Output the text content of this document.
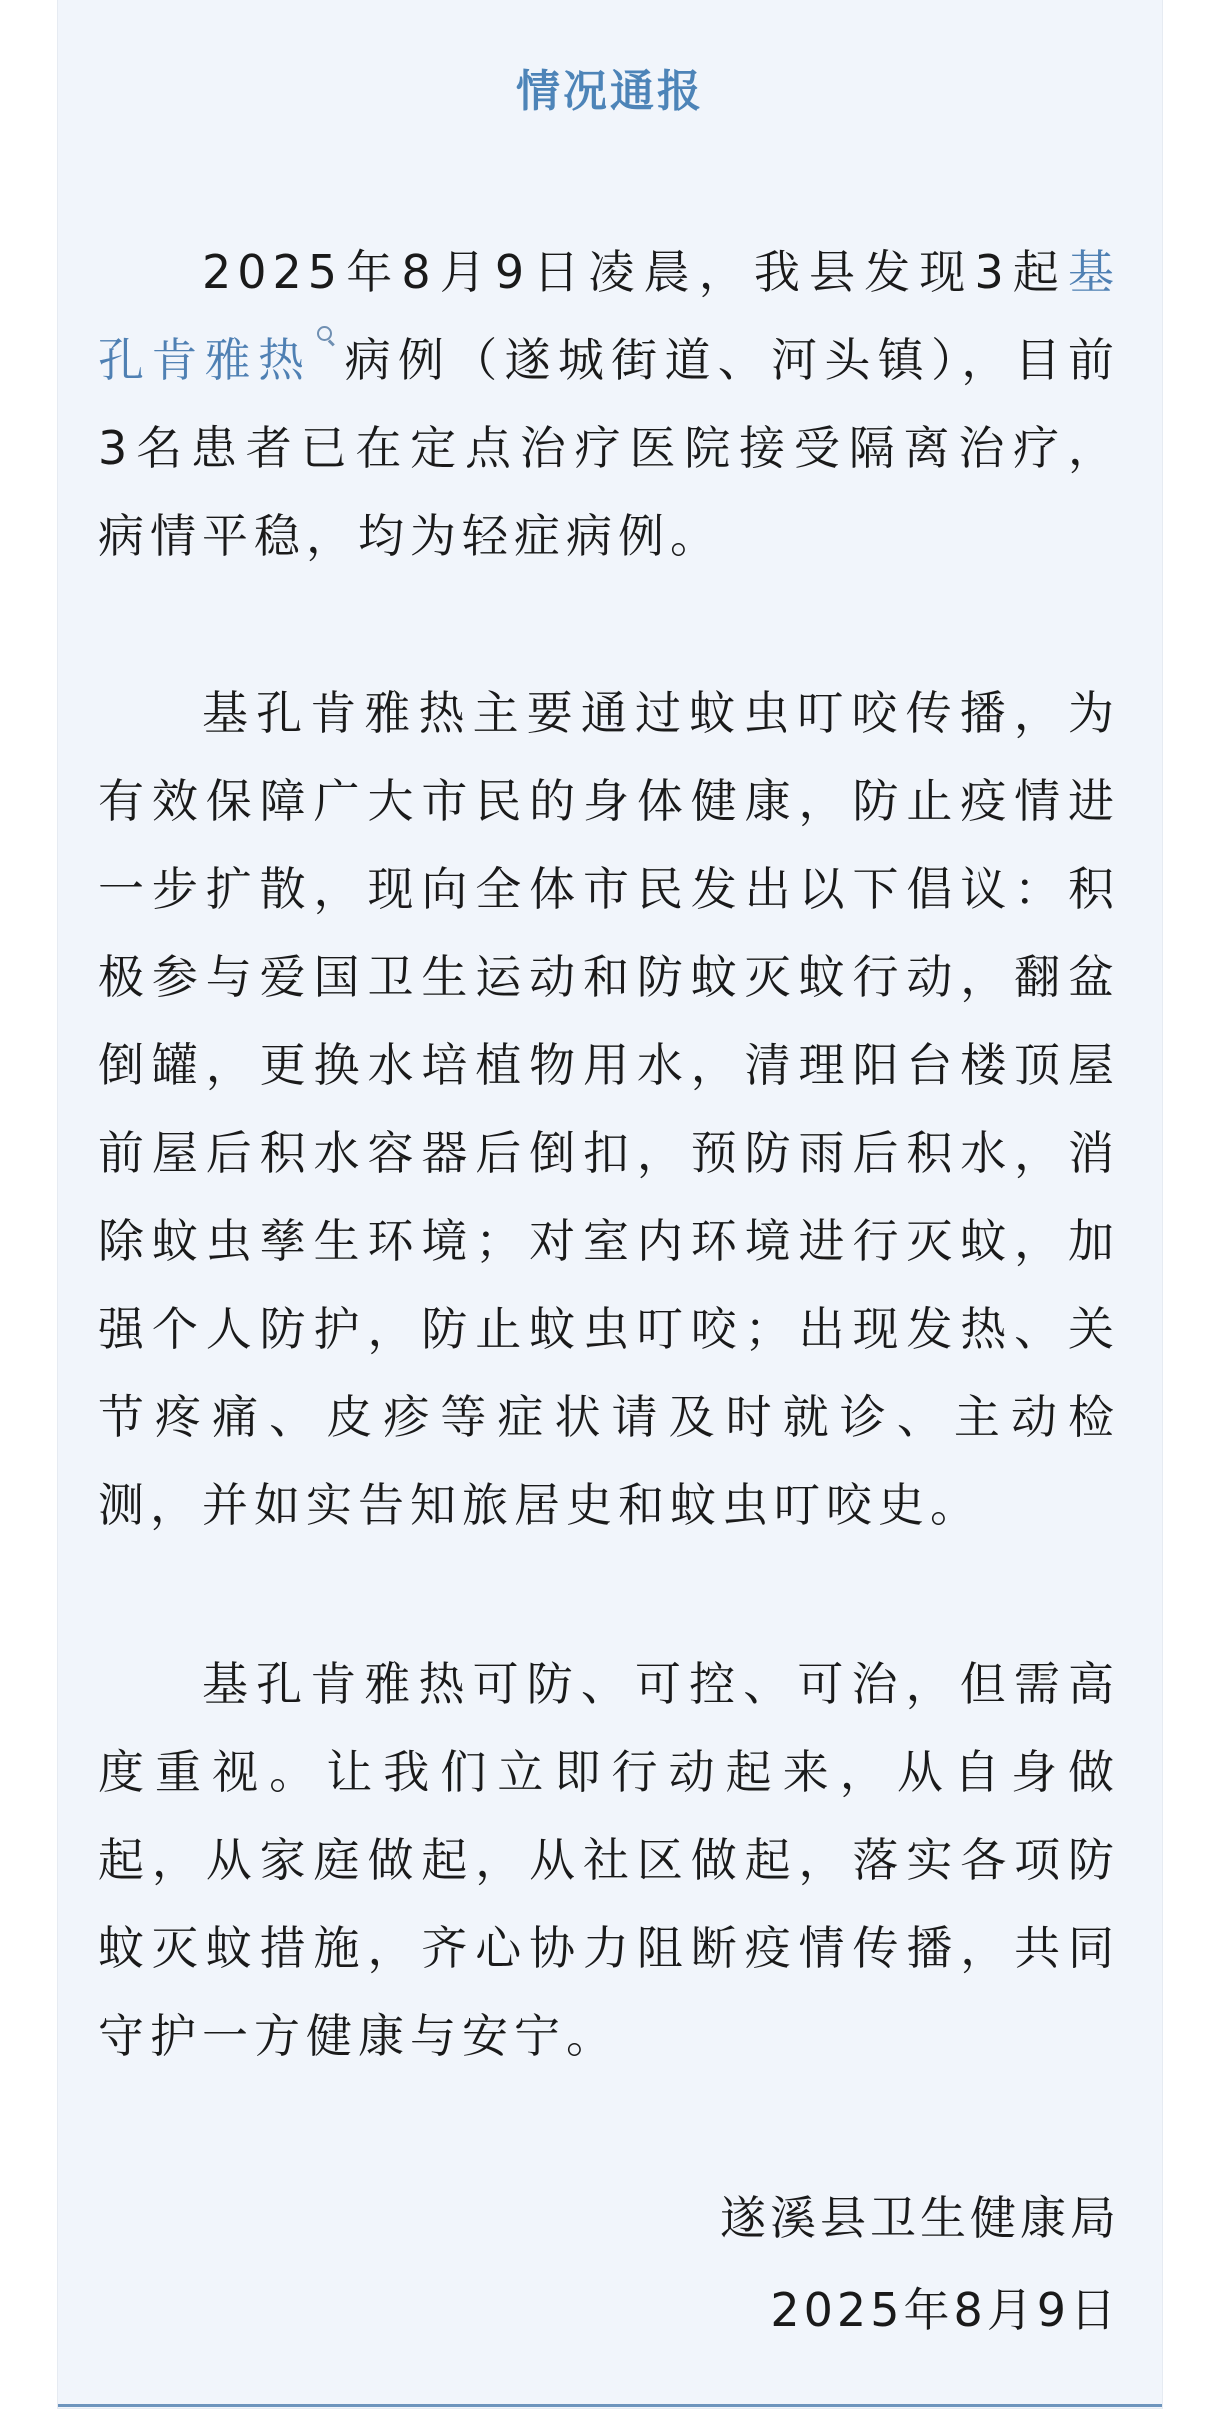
情况通报

2025年8月9日凌晨，我县发现3起基孔肯雅热 病例（遂城街道、河头镇），目前3名患者已在定点治疗医院接受隔离治疗，病情平稳，均为轻症病例。

基孔肯雅热主要通过蚊虫叮咬传播，为有效保障广大市民的身体健康，防止疫情进一步扩散，现向全体市民发出以下倡议：积极参与爱国卫生运动和防蚊灭蚊行动，翻盆倒罐，更换水培植物用水，清理阳台楼顶屋前屋后积水容器后倒扣，预防雨后积水，消除蚊虫孳生环境；对室内环境进行灭蚊，加强个人防护，防止蚊虫叮咬；出现发热、关节疼痛、皮疹等症状请及时就诊、主动检测，并如实告知旅居史和蚊虫叮咬史。

基孔肯雅热可防、可控、可治，但需高度重视。让我们立即行动起来，从自身做起，从家庭做起，从社区做起，落实各项防蚊灭蚊措施，齐心协力阻断疫情传播，共同守护一方健康与安宁。

遂溪县卫生健康局

2025年8月9日
